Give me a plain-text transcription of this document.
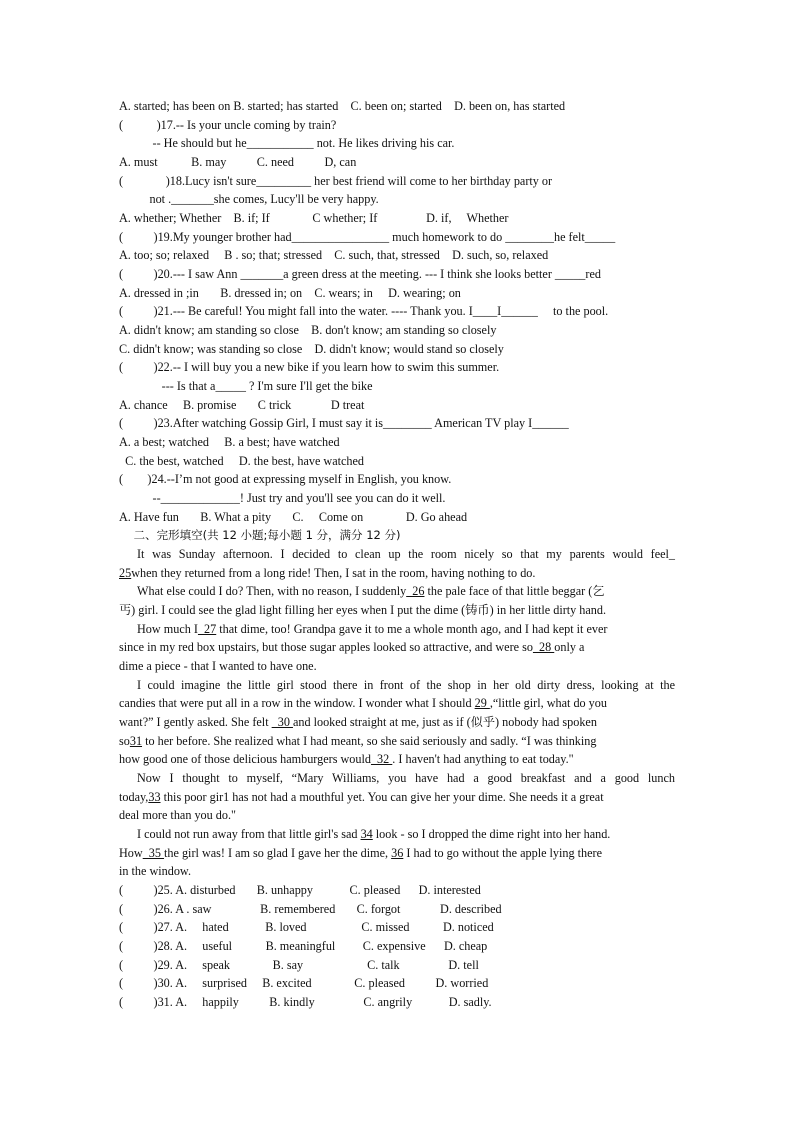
A. started; has been on B. started; has started    C. been on; started    D. been on, has started
(           )17.-- Is your uncle coming by train?
-- He should but he___________ not. He likes driving his car.
A. must           B. may          C. need          D, can
(              )18.Lucy isn't sure_________ her best friend will come to her birthday party or
not ._______she comes, Lucy'll be very happy.
A. whether; Whether    B. if; If              C whether; If                D. if,     Whether
(          )19.My younger brother had________________ much homework to do ________he felt_____
A. too; so; relaxed     B . so; that; stressed    C. such, that, stressed    D. such, so, relaxed
(          )20.--- I saw Ann _______a green dress at the meeting. --- I think she looks better _____red
A. dressed in ;in       B. dressed in; on    C. wears; in     D. wearing; on
(          )21.--- Be careful! You might fall into the water. ---- Thank you. I____I______     to the pool.
A. didn't know; am standing so close    B. don't know; am standing so closely
C. didn't know; was standing so close    D. didn't know; would stand so closely
(          )22.-- I will buy you a new bike if you learn how to swim this summer.
--- Is that a_____ ? I'm sure I'll get the bike
A. chance     B. promise       C trick             D treat
(          )23.After watching Gossip Girl, I must say it is________ American TV play I______
A. a best; watched     B. a best; have watched
C. the best, watched     D. the best, have watched
(        )24.--I’m not good at expressing myself in English, you know.
--_____________! Just try and you'll see you can do it well.
A. Have fun       B. What a pity       C.     Come on              D. Go ahead
二、完形填空(共 12 小题;每小题 1 分，满分 12 分)
It was Sunday afternoon. I decided to clean up the room nicely so that my parents would feel_
25when they returned from a long ride! Then, I sat in the room, having nothing to do.
What else could I do? Then, with no reason, I suddenly  26 the pale face of that little beggar (乞
丐) girl. I could see the glad light filling her eyes when I put the dime (铸币) in her little dirty hand.
How much I  27 that dime, too! Grandpa gave it to me a whole month ago, and I had kept it ever
since in my red box upstairs, but those sugar apples looked so attractive, and were so  28 only a
dime a piece - that I wanted to have one.
I could imagine the little girl stood there in front of the shop in her old dirty dress, looking at the
candies that were put all in a row in the window. I wonder what I should 29 ,“little girl, what do you
want?” I gently asked. She felt   30 and looked straight at me, just as if (似乎) nobody had spoken
so31 to her before. She realized what I had meant, so she said seriously and sadly. “I was thinking
how good one of those delicious hamburgers would  32 . I haven't had anything to eat today."
Now I thought to myself, “Mary Williams, you have had a good breakfast and a good lunch
today,33 this poor gir1 has not had a mouthful yet. You can give her your dime. She needs it a great
deal more than you do."
I could not run away from that little girl's sad 34 look - so I dropped the dime right into her hand.
How  35 the girl was! I am so glad I gave her the dime, 36 I had to go without the apple lying there
in the window.
(          )25. A. disturbed       B. unhappy            C. pleased      D. interested
(          )26. A . saw                B. remembered       C. forgot             D. described
(          )27. A.     hated            B. loved                  C. missed           D. noticed
(          )28. A.     useful           B. meaningful         C. expensive      D. cheap
(          )29. A.     speak              B. say                     C. talk                D. tell
(          )30. A.     surprised     B. excited              C. pleased          D. worried
(          )31. A.     happily          B. kindly                C. angrily            D. sadly.
